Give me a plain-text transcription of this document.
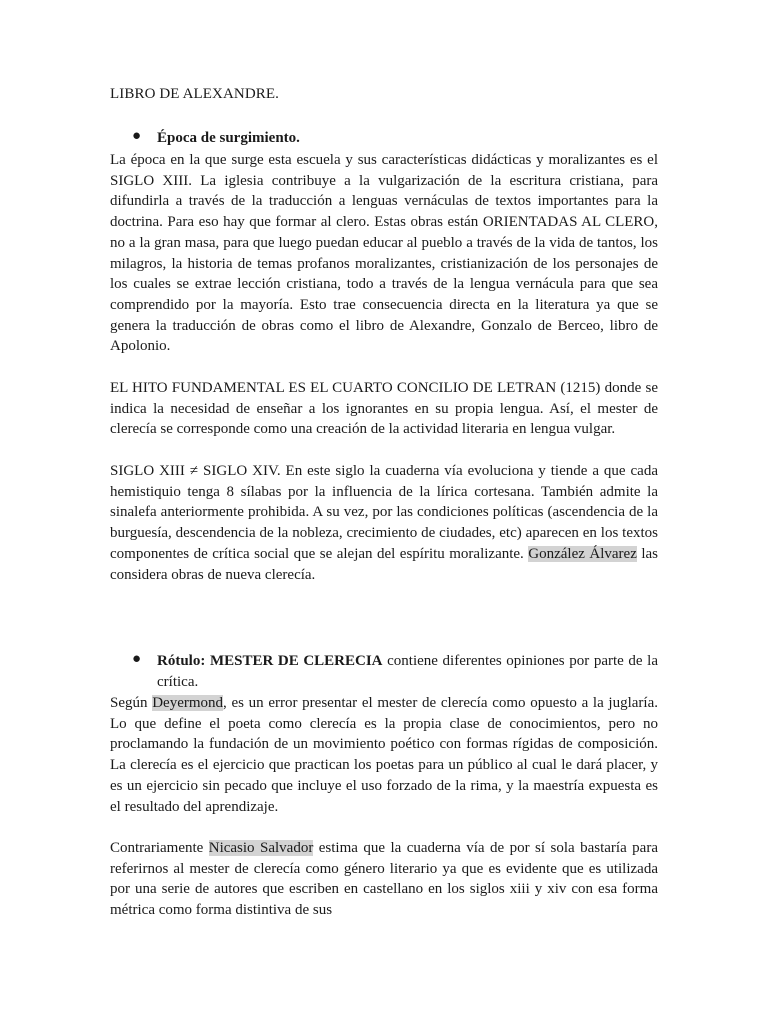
LIBRO DE ALEXANDRE.

● Época de surgimiento.

La época en la que surge esta escuela y sus características didácticas y moralizantes es el SIGLO XIII. La iglesia contribuye a la vulgarización de la escritura cristiana, para difundirla a través de la traducción a lenguas vernáculas de textos importantes para la doctrina. Para eso hay que formar al clero. Estas obras están ORIENTADAS AL CLERO, no a la gran masa, para que luego puedan educar al pueblo a través de la vida de tantos, los milagros, la historia de temas profanos moralizantes, cristianización de los personajes de los cuales se extrae lección cristiana, todo a través de la lengua vernácula para que sea comprendido por la mayoría. Esto trae consecuencia directa en la literatura ya que se genera la traducción de obras como el libro de Alexandre, Gonzalo de Berceo, libro de Apolonio.

EL HITO FUNDAMENTAL ES EL CUARTO CONCILIO DE LETRAN (1215) donde se indica la necesidad de enseñar a los ignorantes en su propia lengua. Así, el mester de clerecía se corresponde como una creación de la actividad literaria en lengua vulgar.

SIGLO XIII ≠ SIGLO XIV. En este siglo la cuaderna vía evoluciona y tiende a que cada hemistiquio tenga 8 sílabas por la influencia de la lírica cortesana. También admite la sinalefa anteriormente prohibida. A su vez, por las condiciones políticas (ascendencia de la burguesía, descendencia de la nobleza, crecimiento de ciudades, etc) aparecen en los textos componentes de crítica social que se alejan del espíritu moralizante. González Álvarez las considera obras de nueva clerecía.

● Rótulo: MESTER DE CLERECIA contiene diferentes opiniones por parte de la crítica.

Según Deyermond, es un error presentar el mester de clerecía como opuesto a la juglaría. Lo que define el poeta como clerecía es la propia clase de conocimientos, pero no proclamando la fundación de un movimiento poético con formas rígidas de composición. La clerecía es el ejercicio que practican los poetas para un público al cual le dará placer, y es un ejercicio sin pecado que incluye el uso forzado de la rima, y la maestría expuesta es el resultado del aprendizaje.

Contrariamente Nicasio Salvador estima que la cuaderna vía de por sí sola bastaría para referirnos al mester de clerecía como género literario ya que es evidente que es utilizada por una serie de autores que escriben en castellano en los siglos xiii y xiv con esa forma métrica como forma distintiva de sus
